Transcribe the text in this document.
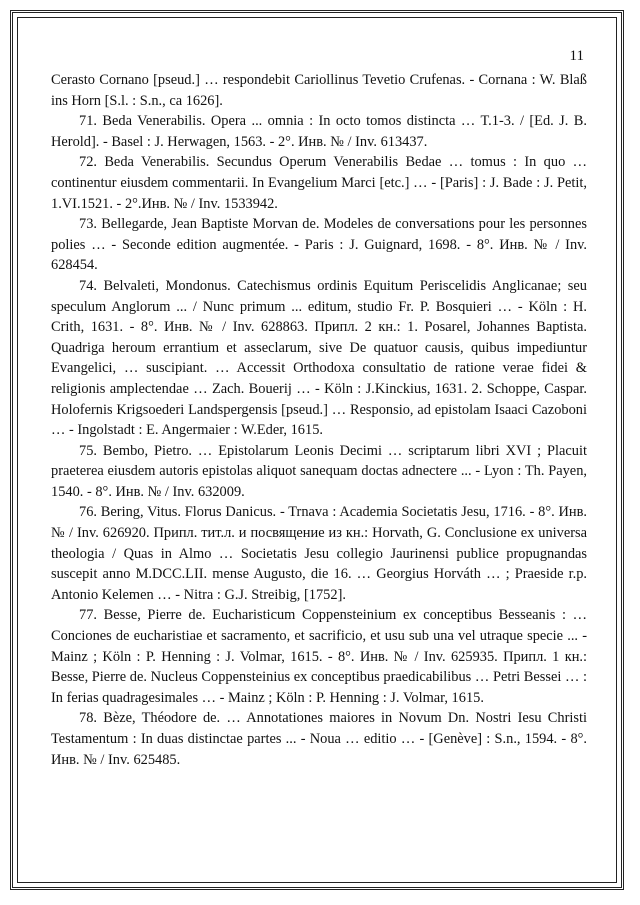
11

Cerasto Cornano [pseud.] … respondebit Cariollinus Tevetio Crufenas. - Cornana : W. Blaß ins Horn [S.l. : S.n., ca 1626].

71. Beda Venerabilis. Opera ... omnia : In octo tomos distincta … T.1-3. / [Ed. J. B. Herold]. - Basel : J. Herwagen, 1563. - 2°. Инв. № / Inv. 613437.

72. Beda Venerabilis. Secundus Operum Venerabilis Bedae … tomus : In quo … continentur eiusdem commentarii. In Evangelium Marci [etc.] … - [Paris] : J. Bade : J. Petit, 1.VI.1521. - 2°.Инв. № / Inv. 1533942.

73. Bellegarde, Jean Baptiste Morvan de. Modeles de conversations pour les personnes polies … - Seconde edition augmentée. - Paris : J. Guignard, 1698. - 8°. Инв. № / Inv. 628454.

74. Belvaleti, Mondonus. Catechismus ordinis Equitum Periscelidis Anglicanae; seu speculum Anglorum ... / Nunc primum ... editum, studio Fr. P. Bosquieri … - Köln : H. Crith, 1631. - 8°. Инв. № / Inv. 628863. Припл. 2 кн.: 1. Posarel, Johannes Baptista. Quadriga heroum errantium et asseclarum, sive De quatuor causis, quibus impediuntur Evangelici, … suscipiant. … Accessit Orthodoxa consultatio de ratione verae fidei & religionis amplectendae … Zach. Bouerij … - Köln : J.Kinckius, 1631. 2. Schoppe, Caspar. Holofernis Krigsoederi Landspergensis [pseud.] … Responsio, ad epistolam Isaaci Cazoboni … - Ingolstadt : E. Angermaier : W.Eder, 1615.

75. Bembo, Pietro. … Epistolarum Leonis Decimi … scriptarum libri XVI ; Placuit praeterea eiusdem autoris epistolas aliquot sanequam doctas adnectere ... - Lyon : Th. Payen, 1540. - 8°. Инв. № / Inv. 632009.

76. Bering, Vitus. Florus Danicus. - Trnava : Academia Societatis Jesu, 1716. - 8°. Инв. № / Inv. 626920. Припл. тит.л. и посвящение из кн.: Horvath, G. Conclusione ex universa theologia / Quas in Almo … Societatis Jesu collegio Jaurinensi publice propugnandas suscepit anno M.DCC.LII. mense Augusto, die 16. … Georgius Horváth … ; Praeside r.p. Antonio Kelemen … - Nitra : G.J. Streibig, [1752].

77. Besse, Pierre de. Eucharisticum Coppensteinium ex conceptibus Besseanis : … Conciones de eucharistiae et sacramento, et sacrificio, et usu sub una vel utraque specie ... - Mainz ; Köln : P. Henning : J. Volmar, 1615. - 8°. Инв. № / Inv. 625935. Припл. 1 кн.: Besse, Pierre de. Nucleus Coppensteinius ex conceptibus praedicabilibus … Petri Bessei … : In ferias quadragesimales … - Mainz ; Köln : P. Henning : J. Volmar, 1615.

78. Bèze, Théodore de. … Annotationes maiores in Novum Dn. Nostri Iesu Christi Testamentum : In duas distinctae partes ... - Noua … editio … - [Genève] : S.n., 1594. - 8°. Инв. № / Inv. 625485.
